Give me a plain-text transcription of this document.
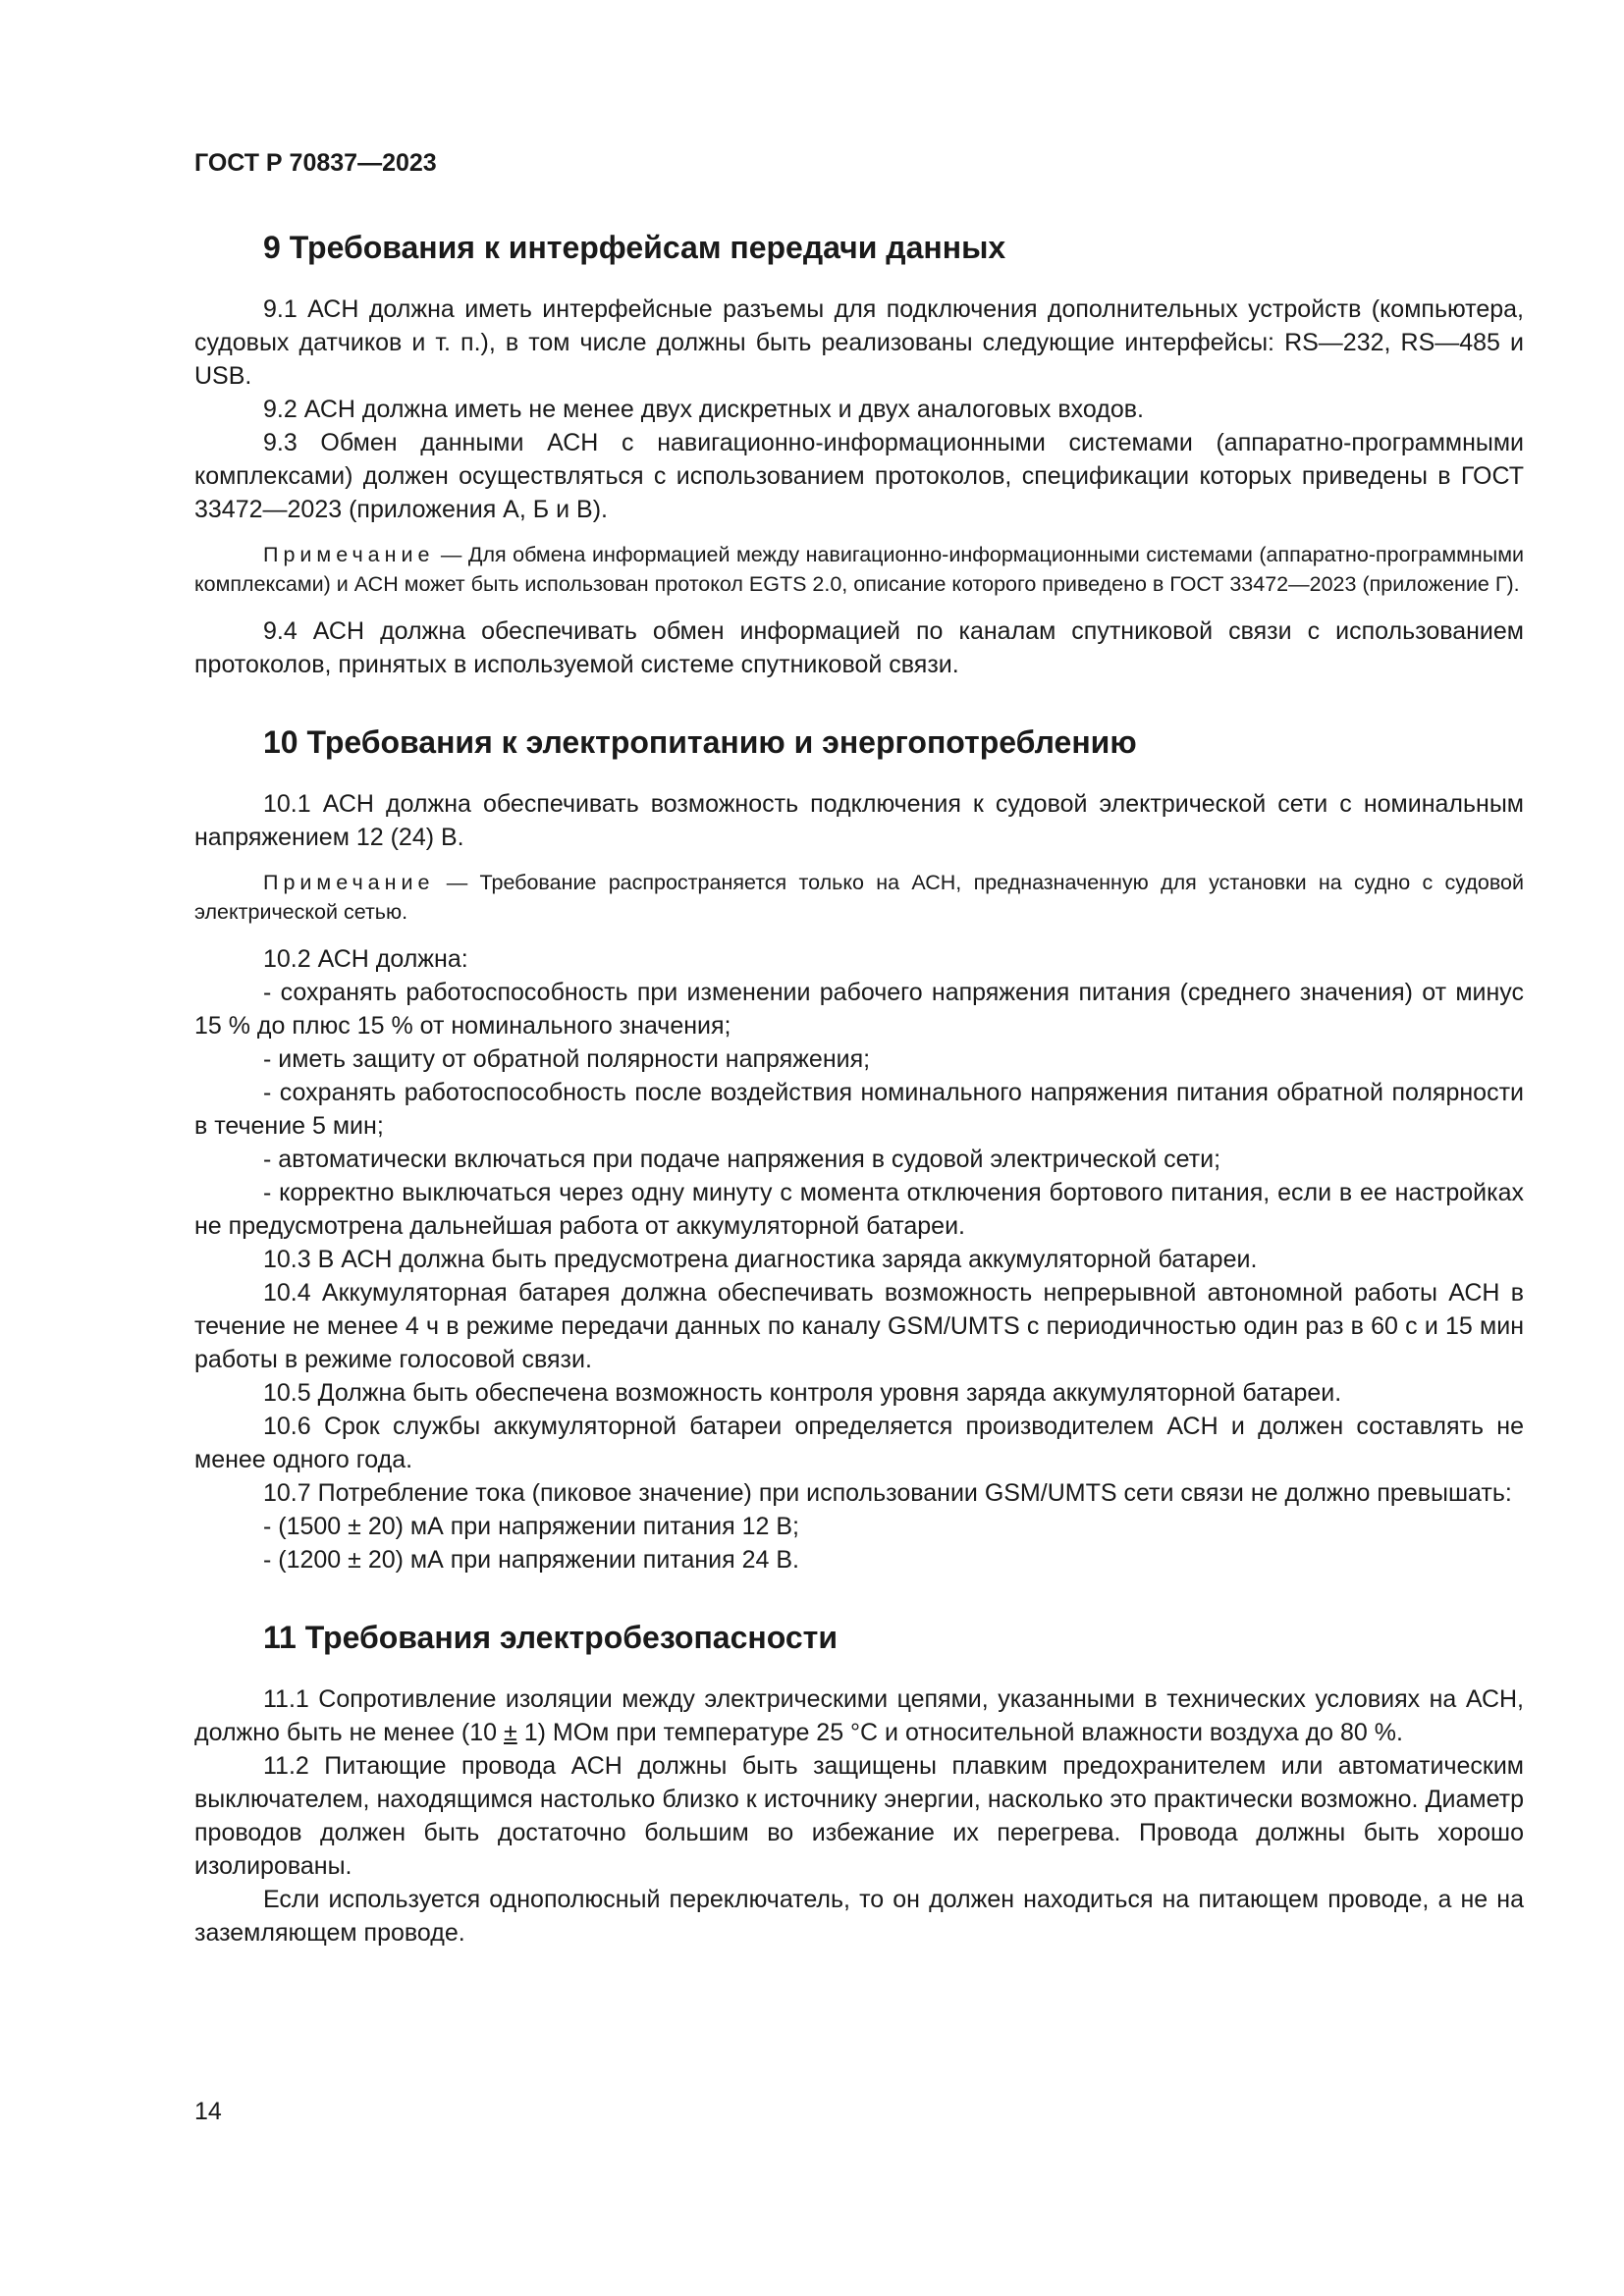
ГОСТ Р 70837—2023

9 Требования к интерфейсам передачи данных

9.1 АСН должна иметь интерфейсные разъемы для подключения дополнительных устройств (компьютера, судовых датчиков и т. п.), в том числе должны быть реализованы следующие интерфейсы: RS—232, RS—485 и USB.

9.2 АСН должна иметь не менее двух дискретных и двух аналоговых входов.

9.3 Обмен данными АСН с навигационно-информационными системами (аппаратно-программными комплексами) должен осуществляться с использованием протоколов, спецификации которых приведены в ГОСТ 33472—2023 (приложения А, Б и В).

Примечание — Для обмена информацией между навигационно-информационными системами (аппаратно-программными комплексами) и АСН может быть использован протокол EGTS 2.0, описание которого приведено в ГОСТ 33472—2023 (приложение Г).

9.4 АСН должна обеспечивать обмен информацией по каналам спутниковой связи с использованием протоколов, принятых в используемой системе спутниковой связи.

10 Требования к электропитанию и энергопотреблению

10.1 АСН должна обеспечивать возможность подключения к судовой электрической сети с номинальным напряжением 12 (24) В.

Примечание — Требование распространяется только на АСН, предназначенную для установки на судно с судовой электрической сетью.

10.2 АСН должна:

- сохранять работоспособность при изменении рабочего напряжения питания (среднего значения) от минус 15 % до плюс 15 % от номинального значения;

- иметь защиту от обратной полярности напряжения;

- сохранять работоспособность после воздействия номинального напряжения питания обратной полярности в течение 5 мин;

- автоматически включаться при подаче напряжения в судовой электрической сети;

- корректно выключаться через одну минуту с момента отключения бортового питания, если в ее настройках не предусмотрена дальнейшая работа от аккумуляторной батареи.

10.3 В АСН должна быть предусмотрена диагностика заряда аккумуляторной батареи.

10.4 Аккумуляторная батарея должна обеспечивать возможность непрерывной автономной работы АСН в течение не менее 4 ч в режиме передачи данных по каналу GSM/UMTS с периодичностью один раз в 60 с и 15 мин работы в режиме голосовой связи.

10.5 Должна быть обеспечена возможность контроля уровня заряда аккумуляторной батареи.

10.6 Срок службы аккумуляторной батареи определяется производителем АСН и должен составлять не менее одного года.

10.7 Потребление тока (пиковое значение) при использовании GSM/UMTS сети связи не должно превышать:

- (1500 ± 20) мА при напряжении питания 12 В;

- (1200 ± 20) мА при напряжении питания 24 В.

11 Требования электробезопасности

11.1 Сопротивление изоляции между электрическими цепями, указанными в технических условиях на АСН, должно быть не менее (10 ± 1) МОм при температуре 25 °С и относительной влажности воздуха до 80 %.

11.2 Питающие провода АСН должны быть защищены плавким предохранителем или автоматическим выключателем, находящимся настолько близко к источнику энергии, насколько это практически возможно. Диаметр проводов должен быть достаточно большим во избежание их перегрева. Провода должны быть хорошо изолированы.

Если используется однополюсный переключатель, то он должен находиться на питающем проводе, а не на заземляющем проводе.

14
